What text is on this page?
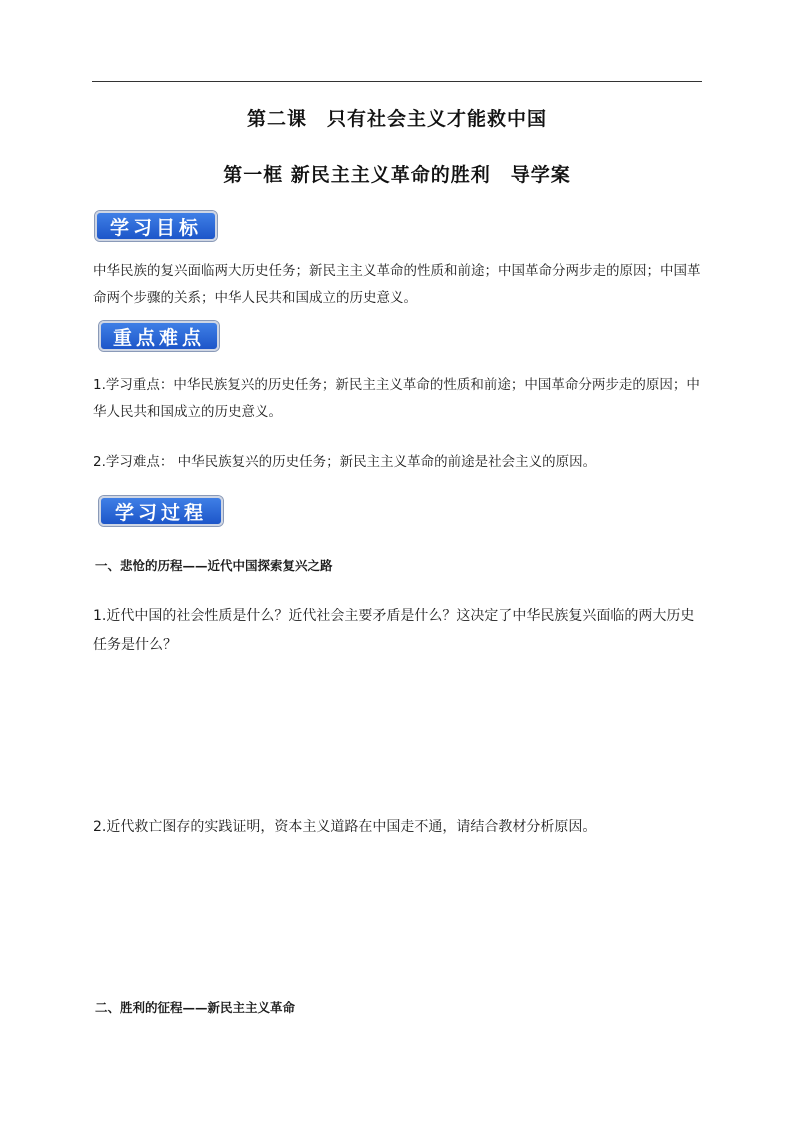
第二课　只有社会主义才能救中国
第一框 新民主主义革命的胜利　导学案
学习目标
中华民族的复兴面临两大历史任务；新民主主义革命的性质和前途；中国革命分两步走的原因；中国革命两个步骤的关系；中华人民共和国成立的历史意义。
重点难点
1.学习重点：中华民族复兴的历史任务；新民主主义革命的性质和前途；中国革命分两步走的原因；中华人民共和国成立的历史意义。
2.学习难点： 中华民族复兴的历史任务；新民主主义革命的前途是社会主义的原因。
学习过程
一、悲怆的历程——近代中国探索复兴之路
1.近代中国的社会性质是什么？近代社会主要矛盾是什么？这决定了中华民族复兴面临的两大历史任务是什么？
2.近代救亡图存的实践证明，资本主义道路在中国走不通，请结合教材分析原因。
二、胜利的征程——新民主主义革命
